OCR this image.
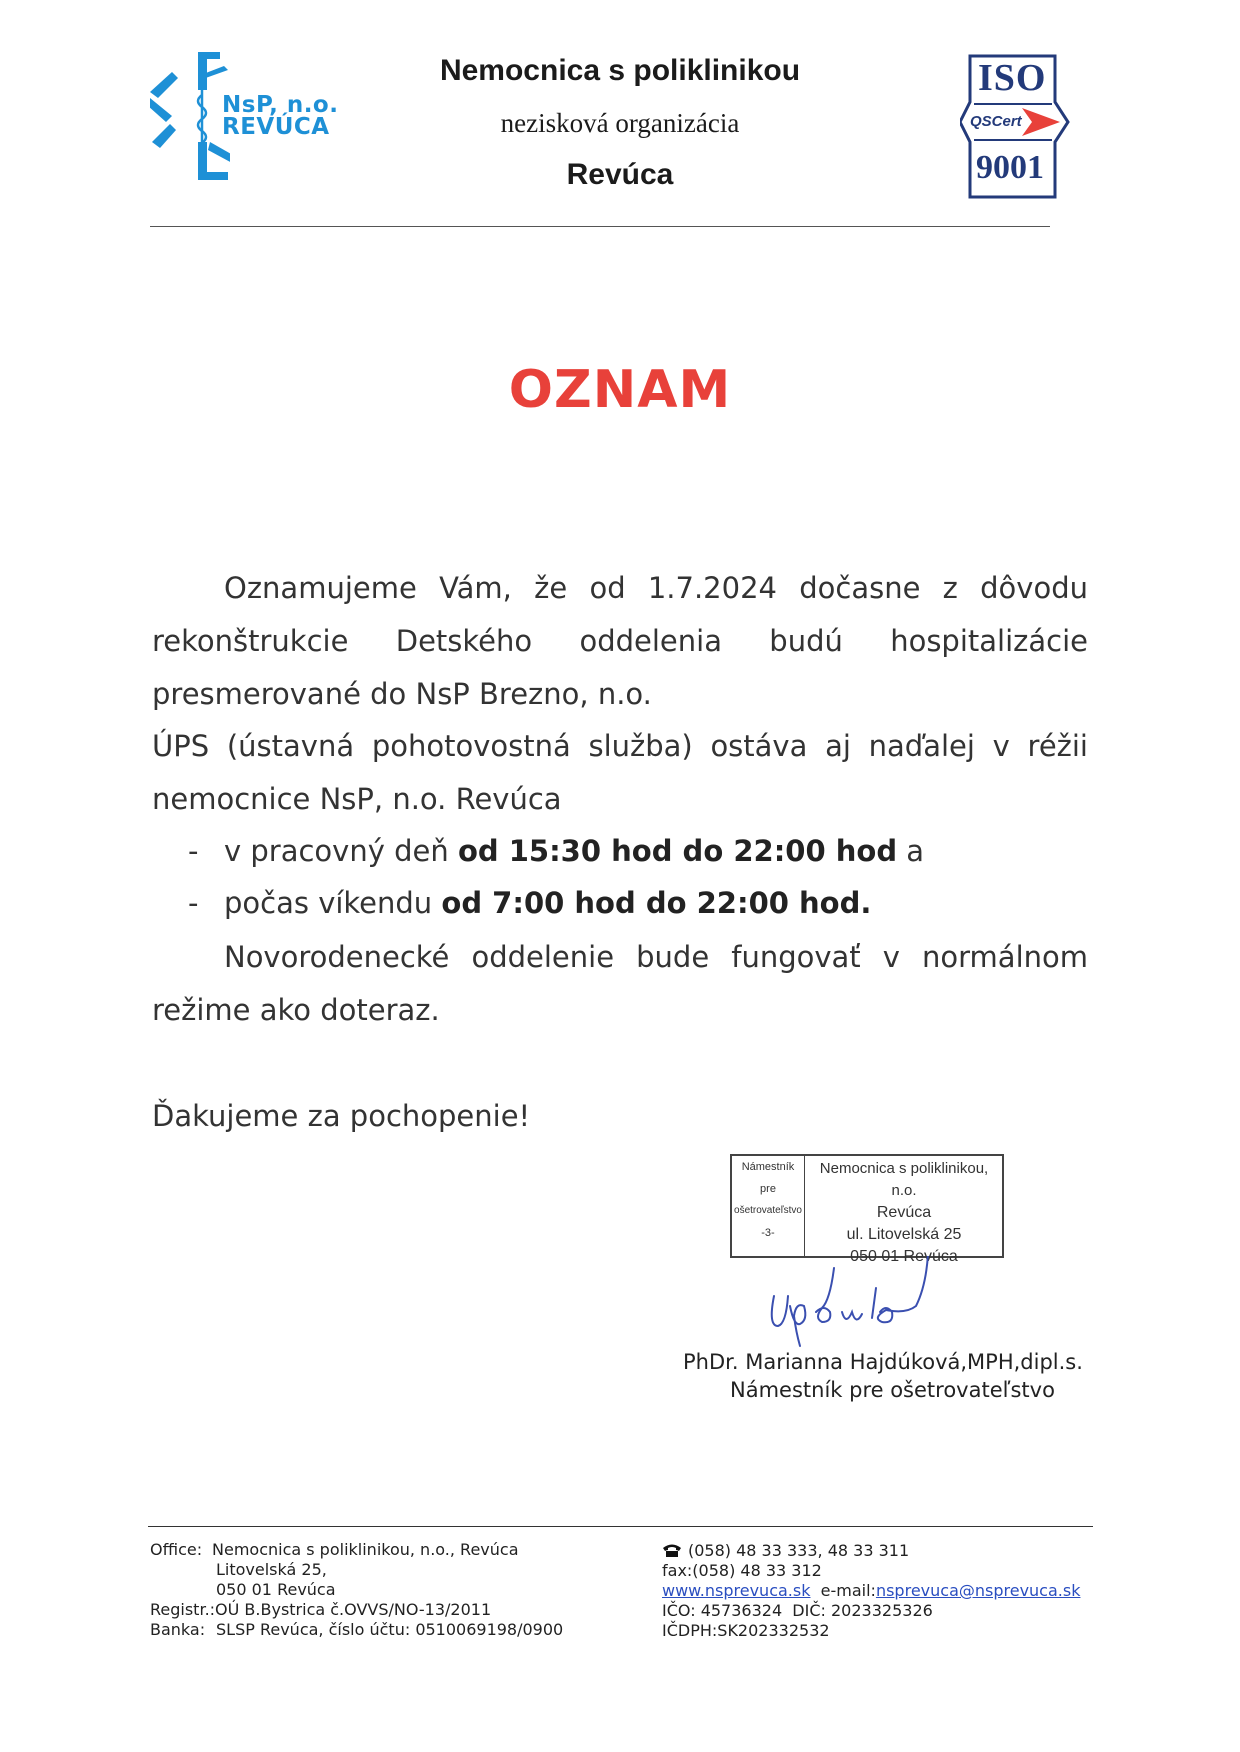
NsP, n.o.
REVÚCA
Nemocnica s poliklinikou
nezisková organizácia
Revúca
ISO
QSCert
9001
OZNAM
Oznamujeme Vám, že od 1.7.2024 dočasne z dôvodu
rekonštrukcie Detského oddelenia budú hospitalizácie
presmerované do NsP Brezno, n.o.
ÚPS (ústavná pohotovostná služba) ostáva aj naďalej v réžii
nemocnice NsP, n.o. Revúca
- v pracovný deň od 15:30 hod do 22:00 hod a
- počas víkendu od 7:00 hod do 22:00 hod.
Novorodenecké oddelenie bude fungovať v normálnom
režime ako doteraz.
Ďakujeme za pochopenie!
Námestník
pre
ošetrovateľstvo
-3-
Nemocnica s poliklinikou, n.o.
Revúca
ul. Litovelská 25
050 01 Revúca
PhDr. Marianna Hajdúková,MPH,dipl.s.
Námestník pre ošetrovateľstvo
Office: Nemocnica s poliklinikou, n.o., Revúca
Litovelská 25,
050 01 Revúca
Registr.:OÚ B.Bystrica č.OVVS/NO-13/2011
Banka: SLSP Revúca, číslo účtu: 0510069198/0900
(058) 48 33 333, 48 33 311
fax:(058) 48 33 312
www.nsprevuca.sk e-mail:nsprevuca@nsprevuca.sk
IČO: 45736324 DIČ: 2023325326
IČDPH:SK202332532
